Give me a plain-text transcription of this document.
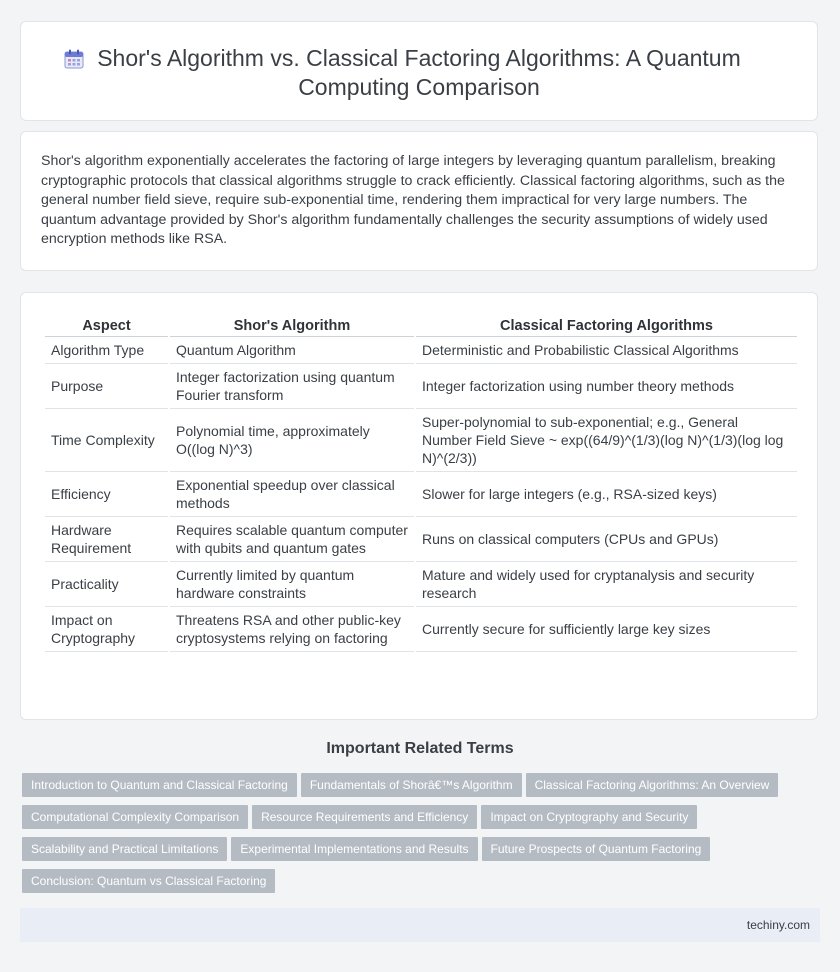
Shor's Algorithm vs. Classical Factoring Algorithms: A Quantum Computing Comparison

Shor's algorithm exponentially accelerates the factoring of large integers by leveraging quantum parallelism, breaking cryptographic protocols that classical algorithms struggle to crack efficiently. Classical factoring algorithms, such as the general number field sieve, require sub-exponential time, rendering them impractical for very large numbers. The quantum advantage provided by Shor's algorithm fundamentally challenges the security assumptions of widely used encryption methods like RSA.

Aspect	Shor's Algorithm	Classical Factoring Algorithms
Algorithm Type	Quantum Algorithm	Deterministic and Probabilistic Classical Algorithms
Purpose	Integer factorization using quantum Fourier transform	Integer factorization using number theory methods
Time Complexity	Polynomial time, approximately O((log N)^3)	Super-polynomial to sub-exponential; e.g., General Number Field Sieve ~ exp((64/9)^(1/3)(log N)^(1/3)(log log N)^(2/3))
Efficiency	Exponential speedup over classical methods	Slower for large integers (e.g., RSA-sized keys)
Hardware Requirement	Requires scalable quantum computer with qubits and quantum gates	Runs on classical computers (CPUs and GPUs)
Practicality	Currently limited by quantum hardware constraints	Mature and widely used for cryptanalysis and security research
Impact on Cryptography	Threatens RSA and other public-key cryptosystems relying on factoring	Currently secure for sufficiently large key sizes
Important Related Terms
Introduction to Quantum and Classical Factoring Fundamentals of Shorâ€™s Algorithm Classical Factoring Algorithms: An Overview
Computational Complexity Comparison Resource Requirements and Efficiency Impact on Cryptography and Security
Scalability and Practical Limitations Experimental Implementations and Results Future Prospects of Quantum Factoring
Conclusion: Quantum vs Classical Factoring
techiny.com
